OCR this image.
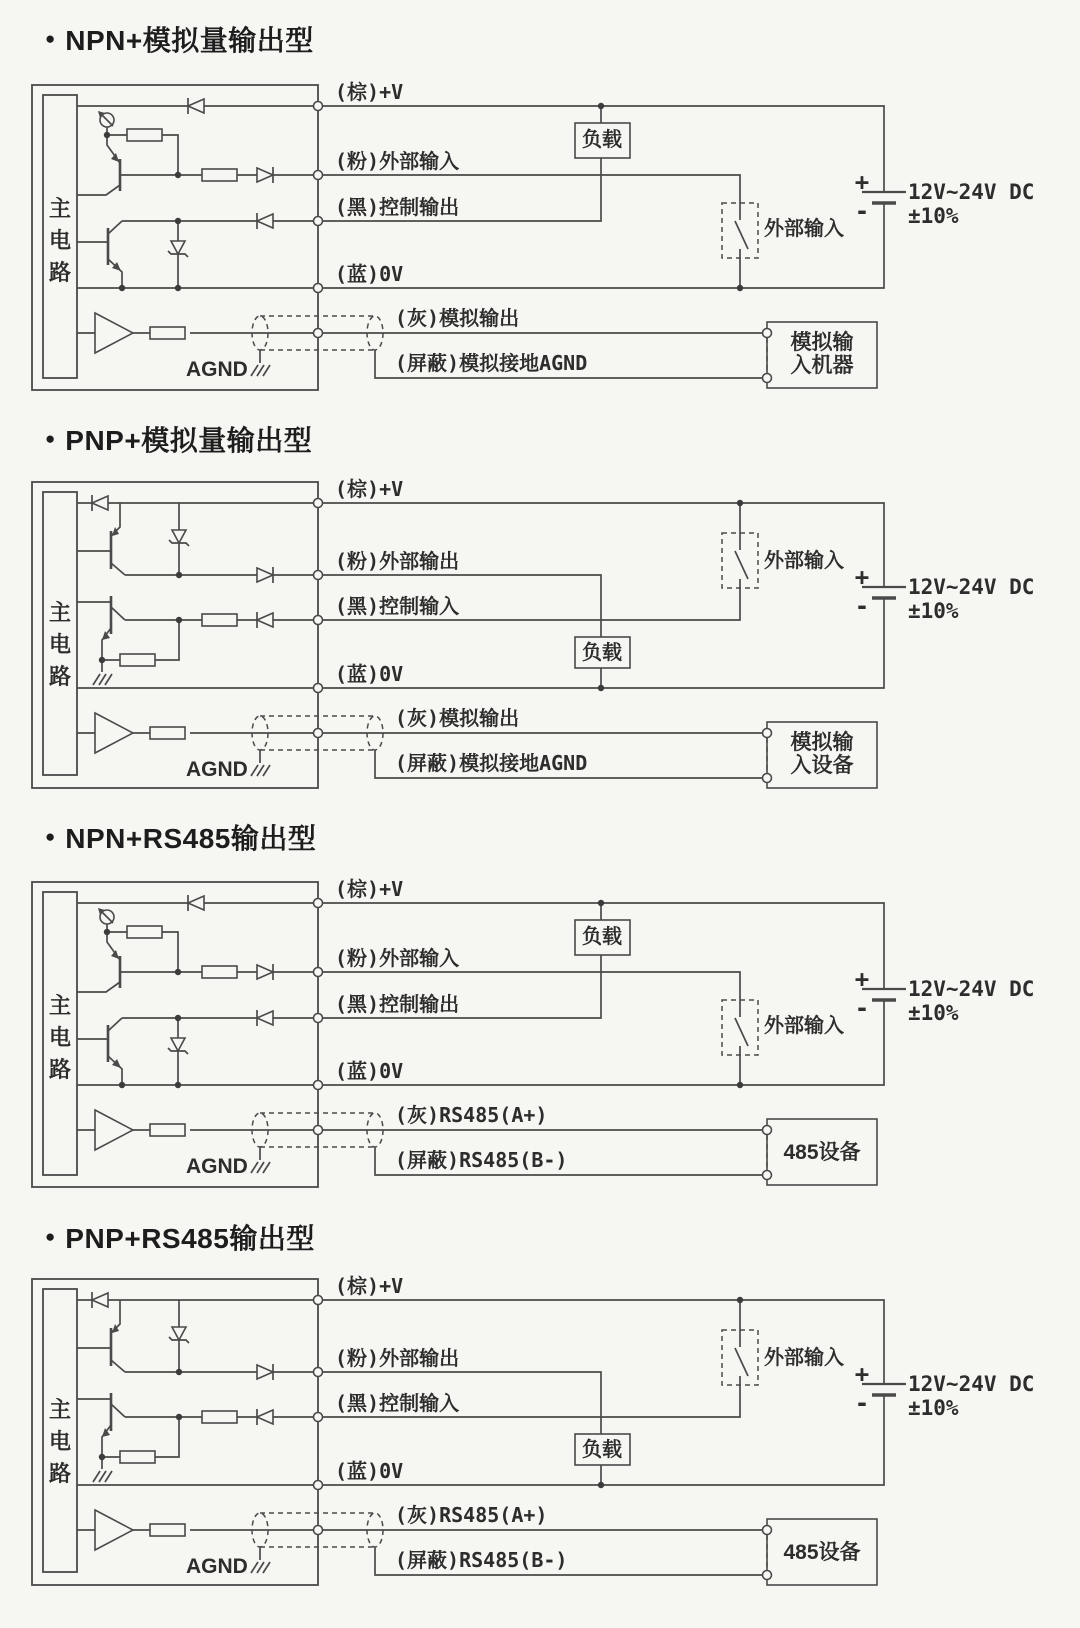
● NPN+模拟量输出型
主电路
(棕)+V
(粉)外部输入
(黑)控制输出
(蓝)0V
(灰)模拟输出
(屏蔽)模拟接地AGND
AGND
负载
外部输入
+
-
12V~24V DC
±10%
模拟输
入机器
● PNP+模拟量输出型
主电路
(棕)+V
(粉)外部输出
(黑)控制输入
(蓝)0V
(灰)模拟输出
(屏蔽)模拟接地AGND
AGND
负载
外部输入
+
-
12V~24V DC
±10%
模拟输
入设备
● NPN+RS485输出型
主电路
(棕)+V
(粉)外部输入
(黑)控制输出
(蓝)0V
(灰)RS485(A+)
(屏蔽)RS485(B-)
AGND
负载
外部输入
+
-
12V~24V DC
±10%
485设备
● PNP+RS485输出型
主电路
(棕)+V
(粉)外部输出
(黑)控制输入
(蓝)0V
(灰)RS485(A+)
(屏蔽)RS485(B-)
AGND
负载
外部输入
+
-
12V~24V DC
±10%
485设备
